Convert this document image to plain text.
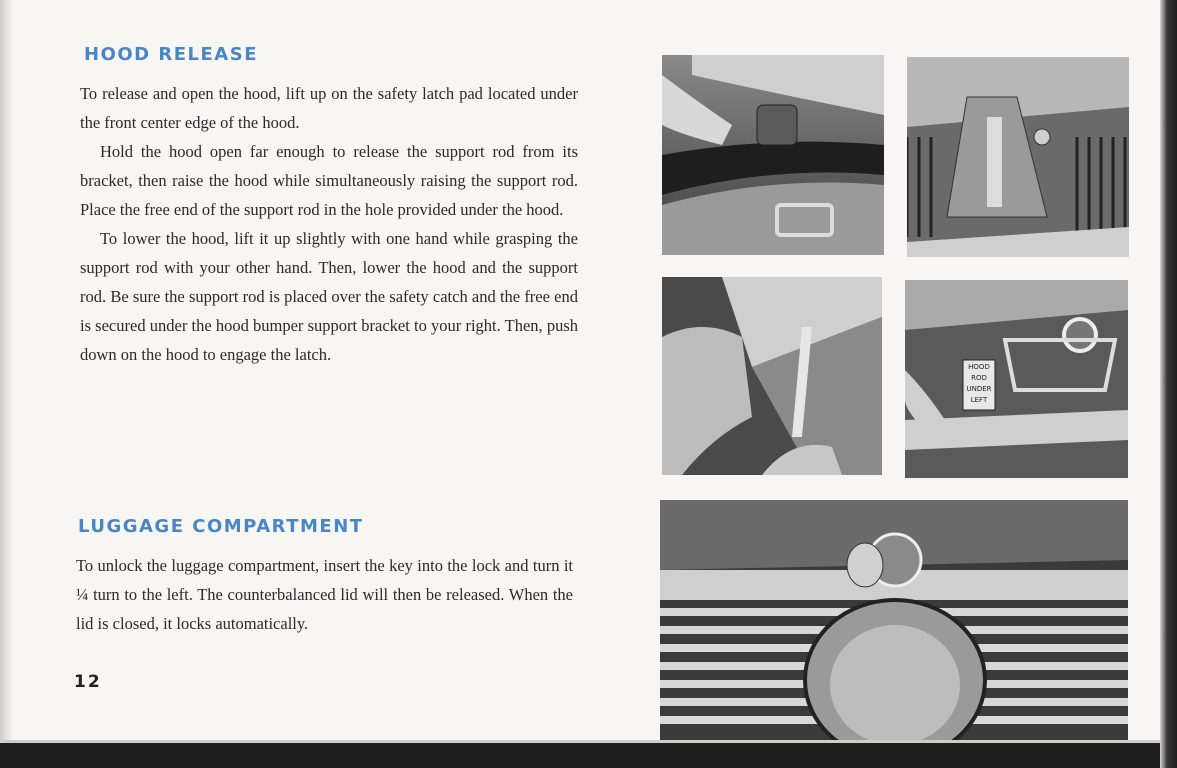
HOOD RELEASE

To release and open the hood, lift up on the safety latch pad located under the front center edge of the hood.

Hold the hood open far enough to release the support rod from its bracket, then raise the hood while simultaneously raising the support rod. Place the free end of the support rod in the hole provided under the hood.

To lower the hood, lift it up slightly with one hand while grasping the support rod with your other hand. Then, lower the hood and the support rod. Be sure the support rod is placed over the safety catch and the free end is secured under the hood bumper support bracket to your right. Then, push down on the hood to engage the latch.

LUGGAGE COMPARTMENT

To unlock the luggage compartment, insert the key into the lock and turn it ¼ turn to the left. The counterbalanced lid will then be released. When the lid is closed, it locks automatically.

12
HOOD
ROD
UNDER
LEFT
